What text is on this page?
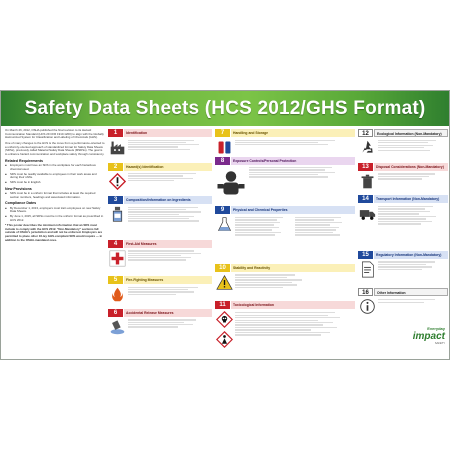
Safety Data Sheets (HCS 2012/GHS Format)
On March 26, 2012, OSHA published the final revision to its Hazard Communication Standard (HCS 29 CFR 1910.1200) to align with the Globally Harmonized System for Classification and Labeling of Chemicals (GHS).
One of many changes to the HCS is the move from a performance-oriented to a uniformly-oriented approach of standardized format for Safety Data Sheets (SDSs), previously called Material Safety Data Sheets (MSDSs). The goal is to enhance hazard communication and workplace safety through consistency.
Related Requirements
■ Employers must have an SDS in the workplace for each hazardous chemical used.
■ SDS must be readily available to employees in their work areas and during their shifts.
■ SDS must be in English.
New Provisions
■ SDS must be in a uniform format that includes at least the required section numbers, headings and associated information.
Compliance Dates
■ By December 1, 2013, employers must train employees on new Safety Data Sheets.
■ By June 1, 2015, all SDSs must be in the uniform format as prescribed in HCS 2012.
* This poster describes the minimum information that an SDS must include to comply with the HCS 2012. "Non-Mandatory" sections fall outside of OSHA's jurisdiction and will not be enforced. Employers are permitted to place other 16-ley GHS-compliant SDS would require — in addition to the OSHA-mandated ones.
1	Identification
2	Hazard(s) Identification
3	Composition/Information on Ingredients
4	First-Aid Measures
5	Fire-Fighting Measures
6	Accidental Release Measures
7	Handling and Storage
8	Exposure Controls/Personal Protection
9	Physical and Chemical Properties
10	Stability and Reactivity
11	Toxicological Information
12	Ecological Information (Non-Mandatory)
13	Disposal Considerations (Non-Mandatory)
14	Transport Information (Non-Mandatory)
15	Regulatory Information (Non-Mandatory)
16	Other Information
Everyday
impact
SAFETY
